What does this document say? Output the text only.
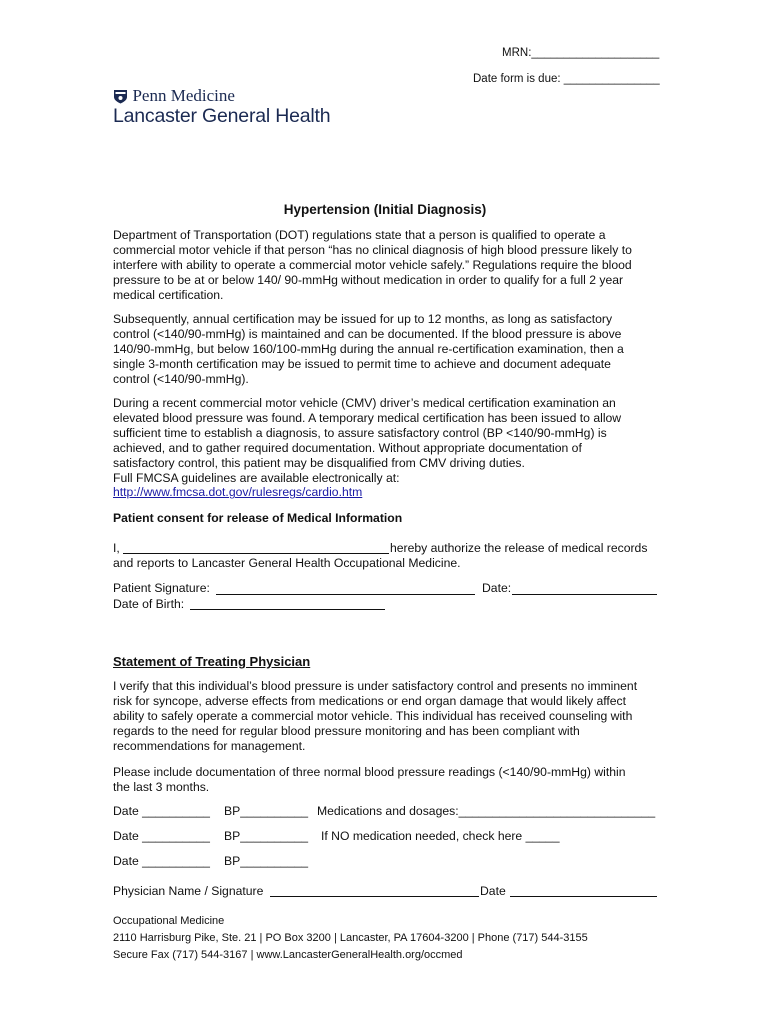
MRN:____________________
Date form is due: _______________
Penn Medicine
Lancaster General Health
Hypertension (Initial Diagnosis)
Department of Transportation (DOT) regulations state that a person is qualified to operate a
commercial motor vehicle if that person “has no clinical diagnosis of high blood pressure likely to
interfere with ability to operate a commercial motor vehicle safely.” Regulations require the blood
pressure to be at or below 140/ 90-mmHg without medication in order to qualify for a full 2 year
medical certification.
Subsequently, annual certification may be issued for up to 12 months, as long as satisfactory
control (<140/90-mmHg) is maintained and can be documented. If the blood pressure is above
140/90-mmHg, but below 160/100-mmHg during the annual re-certification examination, then a
single 3-month certification may be issued to permit time to achieve and document adequate
control (<140/90-mmHg).
During a recent commercial motor vehicle (CMV) driver’s medical certification examination an
elevated blood pressure was found. A temporary medical certification has been issued to allow
sufficient time to establish a diagnosis, to assure satisfactory control (BP <140/90-mmHg) is
achieved, and to gather required documentation. Without appropriate documentation of
satisfactory control, this patient may be disqualified from CMV driving duties.
Full FMCSA guidelines are available electronically at:
http://www.fmcsa.dot.gov/rulesregs/cardio.htm
Patient consent for release of Medical Information
I,	hereby authorize the release of medical records
and reports to Lancaster General Health Occupational Medicine.
Patient Signature:	Date:
Date of Birth:
Statement of Treating Physician
I verify that this individual’s blood pressure is under satisfactory control and presents no imminent
risk for syncope, adverse effects from medications or end organ damage that would likely affect
ability to safely operate a commercial motor vehicle. This individual has received counseling with
regards to the need for regular blood pressure monitoring and has been compliant with
recommendations for management.
Please include documentation of three normal blood pressure readings (<140/90-mmHg) within
the last 3 months.
Date __________ BP__________ Medications and dosages:_____________________________
Date __________ BP__________ If NO medication needed, check here _____
Date __________ BP__________
Physician Name / Signature	Date
Occupational Medicine
2110 Harrisburg Pike, Ste. 21 | PO Box 3200 | Lancaster, PA 17604-3200 | Phone (717) 544-3155
Secure Fax (717) 544-3167 | www.LancasterGeneralHealth.org/occmed
